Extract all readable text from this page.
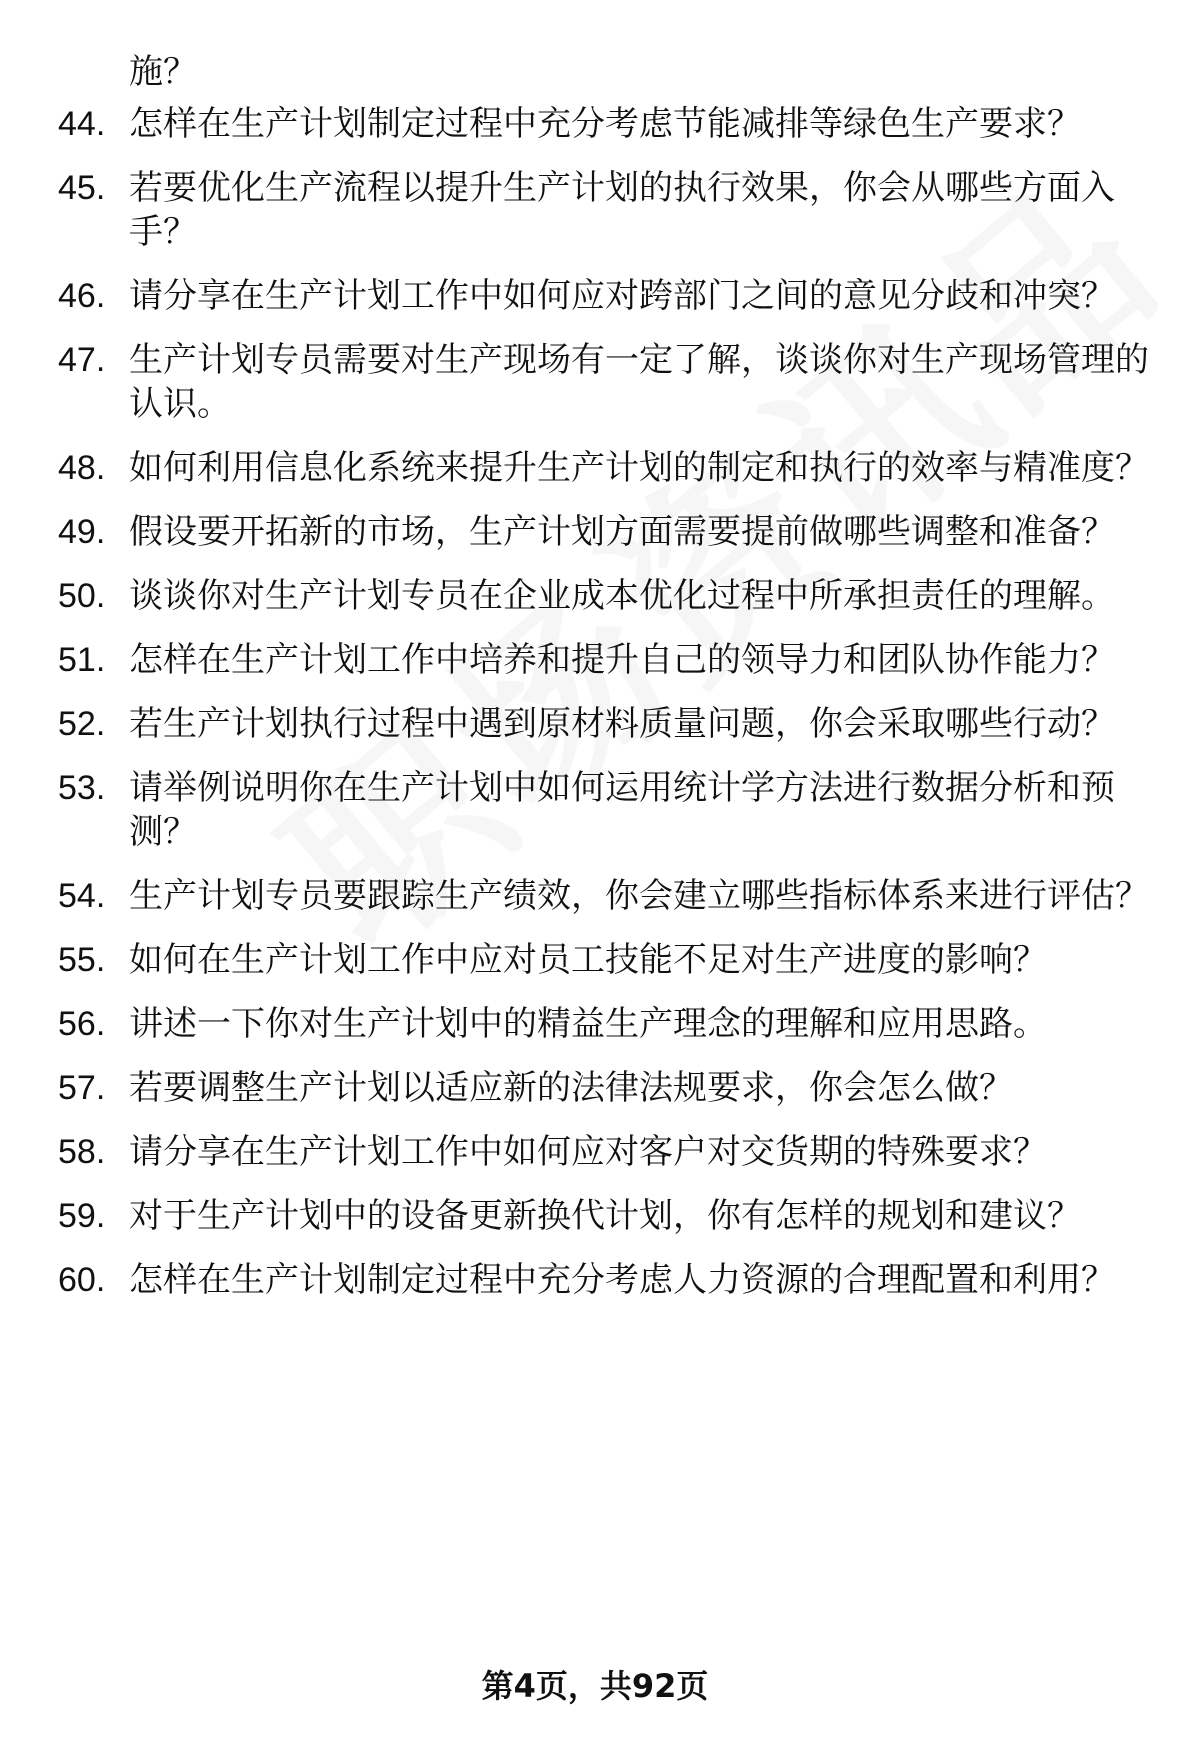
施？
44. 怎样在生产计划制定过程中充分考虑节能减排等绿色生产要求？
45. 若要优化生产流程以提升生产计划的执行效果，你会从哪些方面入手？
46. 请分享在生产计划工作中如何应对跨部门之间的意见分歧和冲突？
47. 生产计划专员需要对生产现场有一定了解，谈谈你对生产现场管理的认识。
48. 如何利用信息化系统来提升生产计划的制定和执行的效率与精准度？
49. 假设要开拓新的市场，生产计划方面需要提前做哪些调整和准备？
50. 谈谈你对生产计划专员在企业成本优化过程中所承担责任的理解。
51. 怎样在生产计划工作中培养和提升自己的领导力和团队协作能力？
52. 若生产计划执行过程中遇到原材料质量问题，你会采取哪些行动？
53. 请举例说明你在生产计划中如何运用统计学方法进行数据分析和预测？
54. 生产计划专员要跟踪生产绩效，你会建立哪些指标体系来进行评估？
55. 如何在生产计划工作中应对员工技能不足对生产进度的影响？
56. 讲述一下你对生产计划中的精益生产理念的理解和应用思路。
57. 若要调整生产计划以适应新的法律法规要求，你会怎么做？
58. 请分享在生产计划工作中如何应对客户对交货期的特殊要求？
59. 对于生产计划中的设备更新换代计划，你有怎样的规划和建议？
60. 怎样在生产计划制定过程中充分考虑人力资源的合理配置和利用？
第4页，共92页
